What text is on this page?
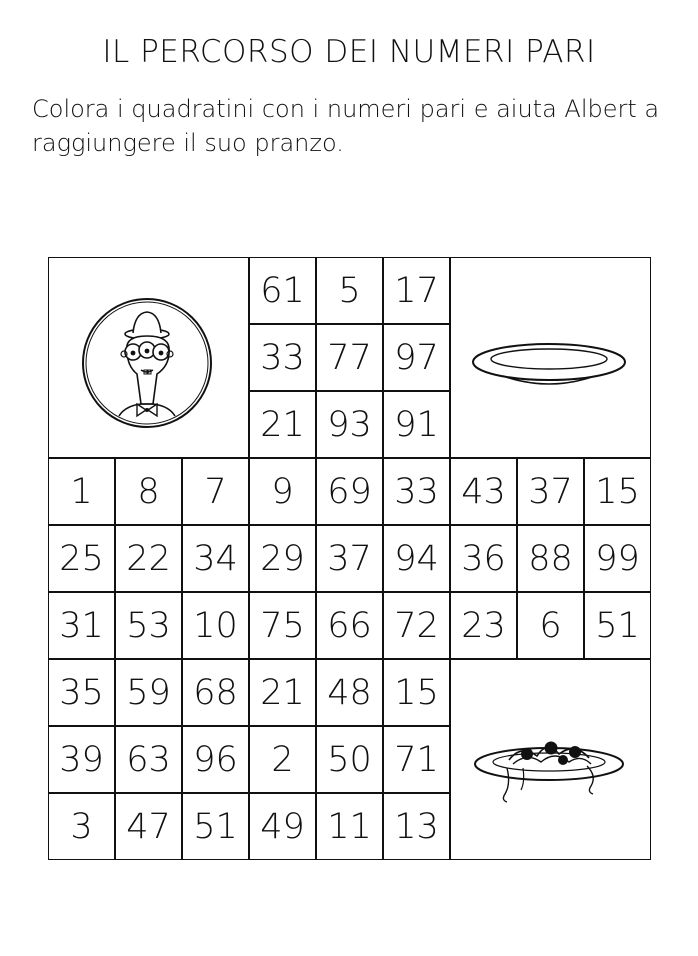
IL PERCORSO DEI NUMERI PARI
Colora i quadratini con i numeri pari e aiuta Albert a raggiungere il suo pranzo.
61 5 17
33 77 97
21 93 91
1	8	7	9 69 33 43 37 15
25 22 34 29 37 94 36 88 99
31 53 10 75 66 72 23 6 51
35 59 68 21 48 15
39 63 96 2 50 71
3 47 51 49 11 13
